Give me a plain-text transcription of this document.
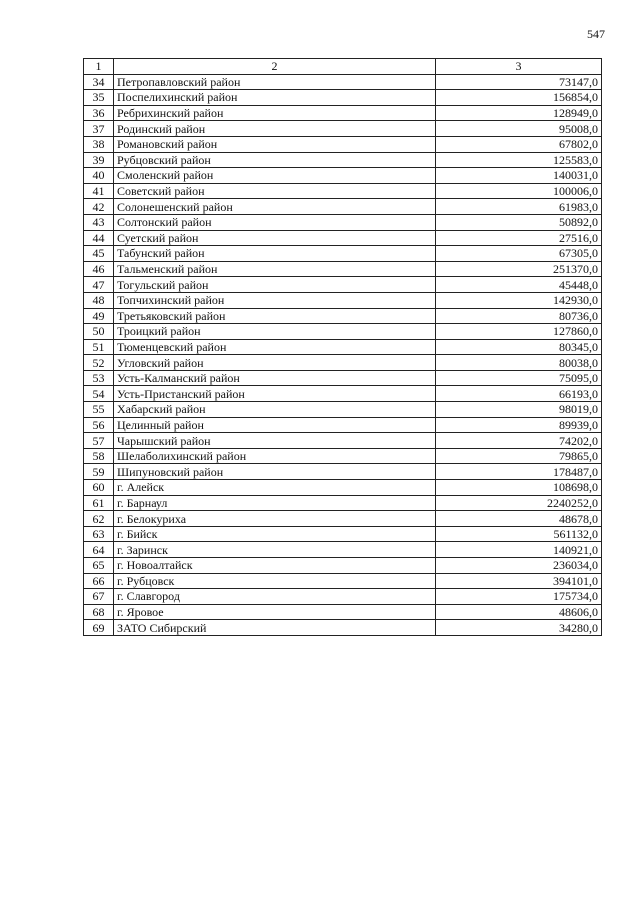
547
1	2	3
34	Петропавловский район	73147,0
35	Поспелихинский район	156854,0
36	Ребрихинский район	128949,0
37	Родинский район	95008,0
38	Романовский район	67802,0
39	Рубцовский район	125583,0
40	Смоленский район	140031,0
41	Советский район	100006,0
42	Солонешенский район	61983,0
43	Солтонский район	50892,0
44	Суетский район	27516,0
45	Табунский район	67305,0
46	Тальменский район	251370,0
47	Тогульский район	45448,0
48	Топчихинский район	142930,0
49	Третьяковский район	80736,0
50	Троицкий район	127860,0
51	Тюменцевский район	80345,0
52	Угловский район	80038,0
53	Усть-Калманский район	75095,0
54	Усть-Пристанский район	66193,0
55	Хабарский район	98019,0
56	Целинный район	89939,0
57	Чарышский район	74202,0
58	Шелаболихинский район	79865,0
59	Шипуновский район	178487,0
60	г. Алейск	108698,0
61	г. Барнаул	2240252,0
62	г. Белокуриха	48678,0
63	г. Бийск	561132,0
64	г. Заринск	140921,0
65	г. Новоалтайск	236034,0
66	г. Рубцовск	394101,0
67	г. Славгород	175734,0
68	г. Яровое	48606,0
69	ЗАТО Сибирский	34280,0
